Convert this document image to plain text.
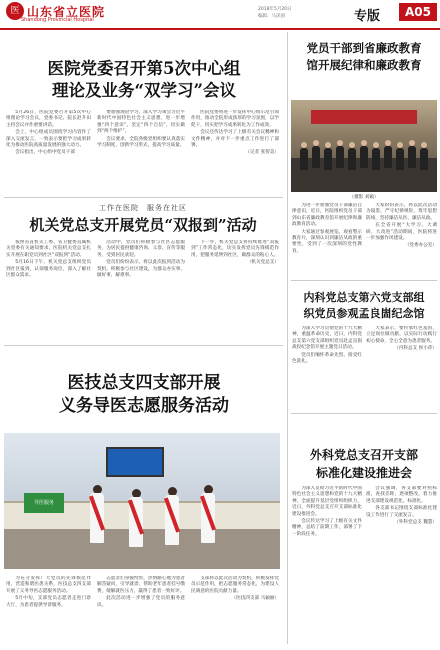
医 山东省立医院
Shandong Provincial Hospital
2018年5月20日
编辑：马泽国	专版	A05
医院党委召开第5次中心组
理论及业务“双学习”会议

5月26日，医院党委召开第5次中心组理论学习会议，党委书记、院长赵升田主持会议并作重要讲话。

会上，中心组成员围绕学习内容作了深入交流发言，一致表示要把学习成果转化为推动医院高质量发展的强大动力。

会议指出，中心组中党员干部

要加强理论学习，深入学习领会习近平新时代中国特色社会主义思想，进一步增强“四个意识”、坚定“四个自信”，切实做到“两个维护”。

会议要求，全院各级党组织要认真落实学习制度，创新学习形式，提高学习质量。

医院党委将进一步发挥中心组示范引领作用，推动全院形成浓厚的学习氛围，以学促干，切实把学习成果转化为工作成效。

会议还传达学习了上级有关会议精神和文件精神，并对下一步重点工作进行了部署。

（记者 张智美）

工作在医院　服务在社区
机关党总支开展党员“双报到”活动

按照省直机关工委、省卫健委直属机关党委有关通知要求，医院机关党总支扎实开展在职党员到社区“双报到”活动。

5月16日下午，机关党总支组织党员到社区报到，认领服务岗位，深入了解社区群众需求。

活动中，党员们积极参与社区志愿服务，为居民提供健康咨询、义诊、宣传等服务，受到居民欢迎。

党员们纷纷表示，将以此次报到活动为契机，积极参与社区建设，为群众办实事、做好事、解难事。

下一步，机关党总支将持续推进“双报到”工作常态化，切实发挥党员先锋模范作用，把服务延伸到社区，做群众的贴心人。

（机关党总支）

医技总支四支部开展
义务导医志愿服务活动
导医服务

为充分发挥广大党员的先锋模范作用，营造和谐医患关系，医技总支四支部开展了义务导医志愿服务活动。

5月中旬，支部党员志愿者走进门诊大厅，为患者提供导诊服务。

志愿者们身披绶带，热情耐心地为患者解答疑问，引导就诊，帮助老年患者挂号缴费，缓解就医压力，赢得了患者一致好评。

此次活动进一步增强了党员的服务意识。

支部将以此次活动为契机，积极发挥党员示范作用，把志愿服务常态化，为建设人民满意的医院贡献力量。

（医技四支部 马颖丽）

党员干部到省廉政教育
馆开展纪律和廉政教育
（摄影 刘颖）

为进一步加强党员干部廉洁自律意识，近日，医院组织党员干部到山东省廉政教育馆开展纪律和廉政教育活动。

大家通过参观展览、观看警示教育片，深刻认识到廉洁从政的重要性，受到了一次深刻的党性教育。

大家纷纷表示，将以此次活动为镜鉴，严守纪律规矩，筑牢思想防线，坚持廉洁从医、廉洁从政。

在全省开展“大学习、大调研、大改进”活动期间，医院将进一步加强作风建设。

（党委办公室）

内科党总支第六党支部组
织党员参观孟良崮纪念馆

为深入学习贯彻党的十九大精神，重温革命历史，近日，内科党总支第六党支部组织党员赴孟良崮战役纪念馆开展主题党日活动。

党员们缅怀革命先烈，接受红色洗礼。

大家表示，要传承红色基因，立足岗位做贡献，以实际行动践行初心使命，全心全意为患者服务。

（内科总支 侯小萍）

外科党总支召开支部
标准化建设推进会

为深入贯彻习近平新时代中国特色社会主义思想和党的十九大精神，全面提升基层党组织组织力，近日，外科党总支召开支部标准化建设推进会。

会议传达学习了上级有关文件精神，总结了前期工作，部署了下一阶段任务。

会议强调，各支部要对照标准，查找差距，逐项整改，着力推进支部建设规范化、标准化。

各支部书记围绕支部标准化建设工作进行了交流发言。

（外科党总支 魏慧）
